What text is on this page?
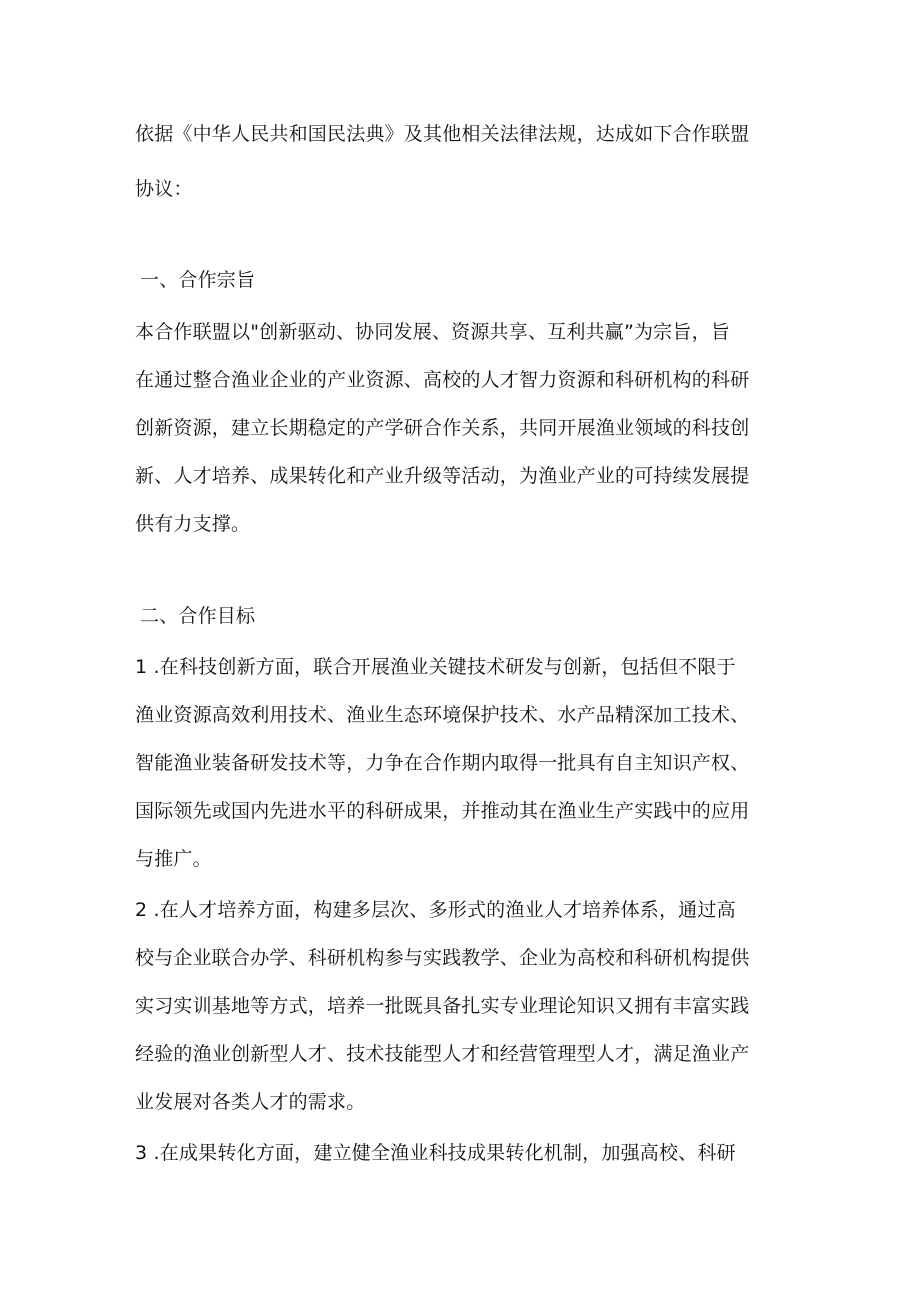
依据《中华人民共和国民法典》及其他相关法律法规，达成如下合作联盟
协议：
一、合作宗旨
本合作联盟以"创新驱动、协同发展、资源共享、互利共赢”为宗旨，旨
在通过整合渔业企业的产业资源、高校的人才智力资源和科研机构的科研
创新资源，建立长期稳定的产学研合作关系，共同开展渔业领域的科技创
新、人才培养、成果转化和产业升级等活动，为渔业产业的可持续发展提
供有力支撑。
二、合作目标
1 .在科技创新方面，联合开展渔业关键技术研发与创新，包括但不限于
渔业资源高效利用技术、渔业生态环境保护技术、水产品精深加工技术、
智能渔业装备研发技术等，力争在合作期内取得一批具有自主知识产权、
国际领先或国内先进水平的科研成果，并推动其在渔业生产实践中的应用
与推广。
2 .在人才培养方面，构建多层次、多形式的渔业人才培养体系，通过高
校与企业联合办学、科研机构参与实践教学、企业为高校和科研机构提供
实习实训基地等方式，培养一批既具备扎实专业理论知识又拥有丰富实践
经验的渔业创新型人才、技术技能型人才和经营管理型人才，满足渔业产
业发展对各类人才的需求。
3 .在成果转化方面，建立健全渔业科技成果转化机制，加强高校、科研
